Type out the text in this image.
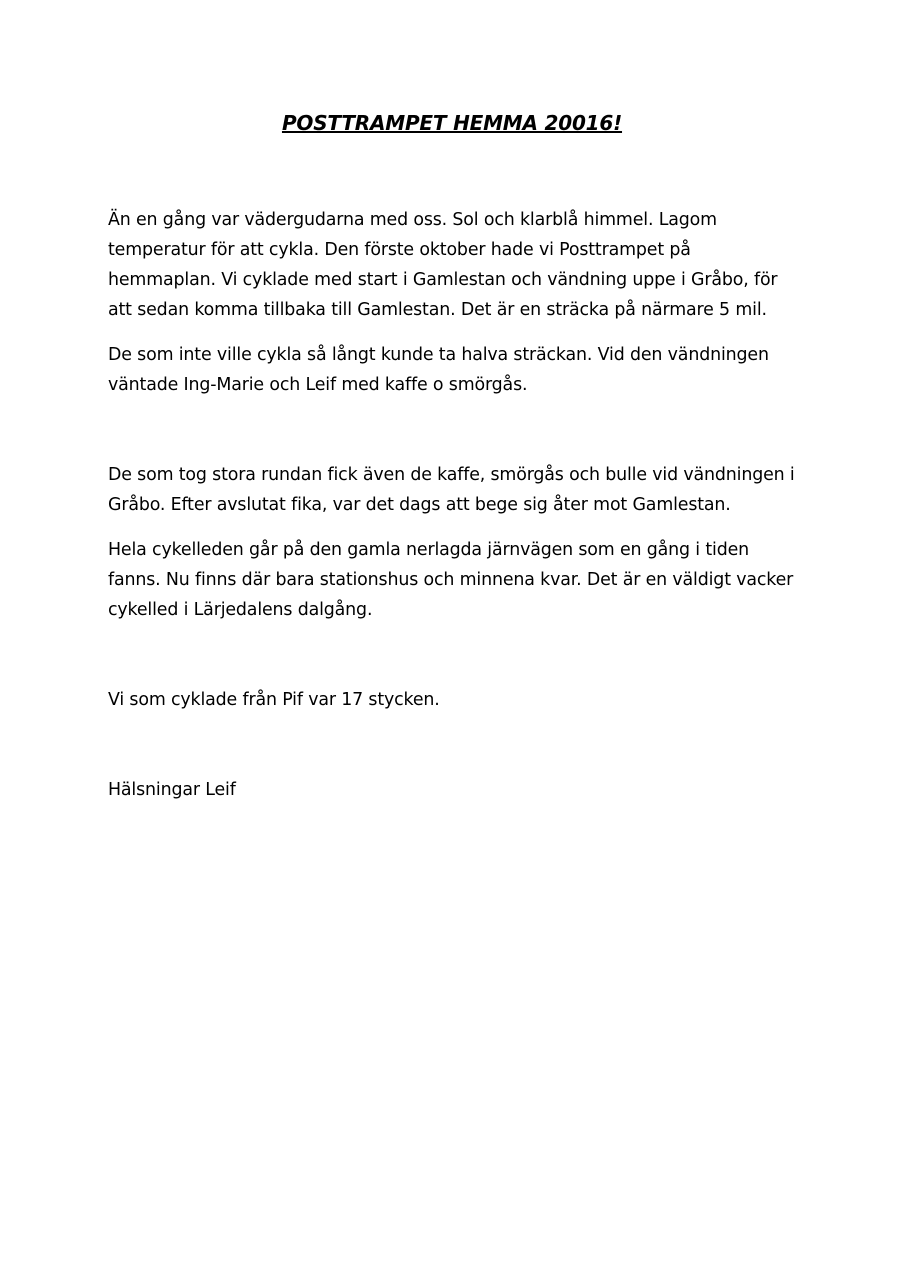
POSTTRAMPET HEMMA 20016!

Än en gång var vädergudarna med oss. Sol och klarblå himmel. Lagom
temperatur för att cykla. Den förste oktober hade vi Posttrampet på
hemmaplan. Vi cyklade med start i Gamlestan och vändning uppe i Gråbo, för
att sedan komma tillbaka till Gamlestan. Det är en sträcka på närmare 5 mil.

De som inte ville cykla så långt kunde ta halva sträckan. Vid den vändningen
väntade Ing-Marie och Leif med kaffe o smörgås.

De som tog stora rundan fick även de kaffe, smörgås och bulle vid vändningen i
Gråbo. Efter avslutat fika, var det dags att bege sig åter mot Gamlestan.

Hela cykelleden går på den gamla nerlagda järnvägen som en gång i tiden
fanns. Nu finns där bara stationshus och minnena kvar. Det är en väldigt vacker
cykelled i Lärjedalens dalgång.

Vi som cyklade från Pif var 17 stycken.

Hälsningar Leif
